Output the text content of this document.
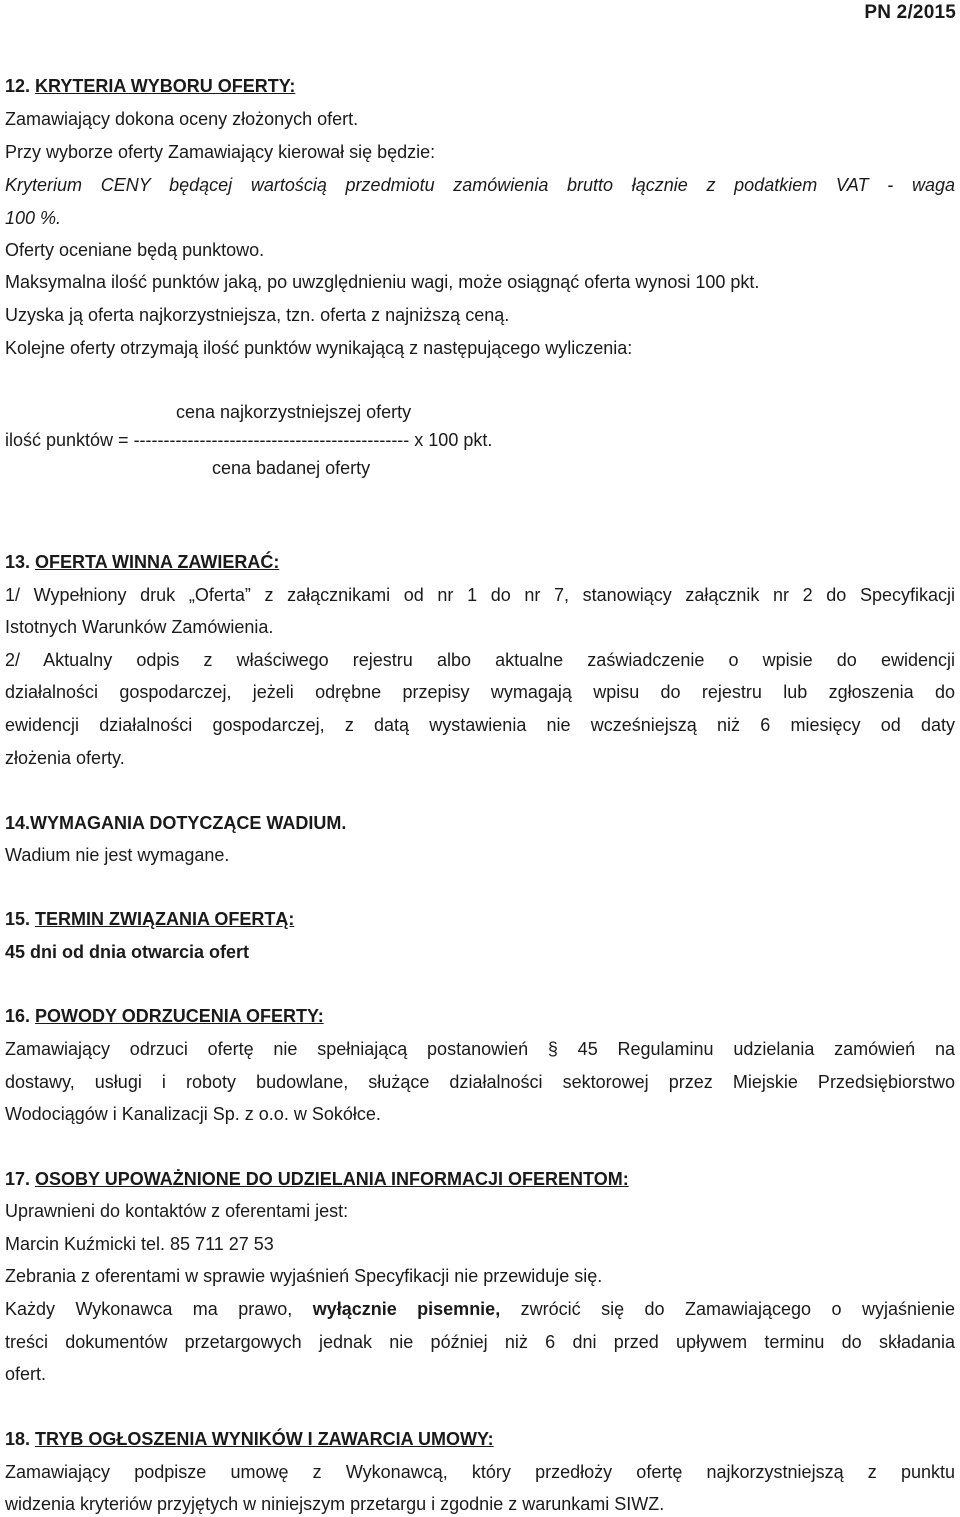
PN 2/2015
12. KRYTERIA WYBORU OFERTY:
Zamawiający dokona oceny złożonych ofert.
Przy wyborze oferty Zamawiający kierował się będzie:
Kryterium CENY będącej wartością przedmiotu zamówienia brutto łącznie z podatkiem VAT - waga
100 %.
Oferty oceniane będą punktowo.
Maksymalna ilość punktów jaką, po uwzględnieniu wagi, może osiągnąć oferta wynosi 100 pkt.
Uzyska ją oferta najkorzystniejsza, tzn. oferta z najniższą ceną.
Kolejne oferty otrzymają ilość punktów wynikającą z następującego wyliczenia:
cena najkorzystniejszej oferty
ilość punktów = ---------------------------------------------- x 100 pkt.
cena badanej oferty
13. OFERTA WINNA ZAWIERAĆ:
1/ Wypełniony druk „Oferta” z załącznikami od nr 1 do nr 7, stanowiący załącznik nr 2 do Specyfikacji
Istotnych Warunków Zamówienia.
2/ Aktualny odpis z właściwego rejestru albo aktualne zaświadczenie o wpisie do ewidencji
działalności gospodarczej, jeżeli odrębne przepisy wymagają wpisu do rejestru lub zgłoszenia do
ewidencji działalności gospodarczej, z datą wystawienia nie wcześniejszą niż 6 miesięcy od daty
złożenia oferty.
14.WYMAGANIA DOTYCZĄCE WADIUM.
Wadium nie jest wymagane.
15. TERMIN ZWIĄZANIA OFERTĄ:
45 dni od dnia otwarcia ofert
16. POWODY ODRZUCENIA OFERTY:
Zamawiający odrzuci ofertę nie spełniającą postanowień § 45 Regulaminu udzielania zamówień na
dostawy, usługi i roboty budowlane, służące działalności sektorowej przez Miejskie Przedsiębiorstwo
Wodociągów i Kanalizacji Sp. z o.o. w Sokółce.
17. OSOBY UPOWAŻNIONE DO UDZIELANIA INFORMACJI OFERENTOM:
Uprawnieni do kontaktów z oferentami jest:
Marcin Kuźmicki tel. 85 711 27 53
Zebrania z oferentami w sprawie wyjaśnień Specyfikacji nie przewiduje się.
Każdy Wykonawca ma prawo, wyłącznie pisemnie, zwrócić się do Zamawiającego o wyjaśnienie
treści dokumentów przetargowych jednak nie później niż 6 dni przed upływem terminu do składania
ofert.
18. TRYB OGŁOSZENIA WYNIKÓW I ZAWARCIA UMOWY:
Zamawiający podpisze umowę z Wykonawcą, który przedłoży ofertę najkorzystniejszą z punktu
widzenia kryteriów przyjętych w niniejszym przetargu i zgodnie z warunkami SIWZ.
